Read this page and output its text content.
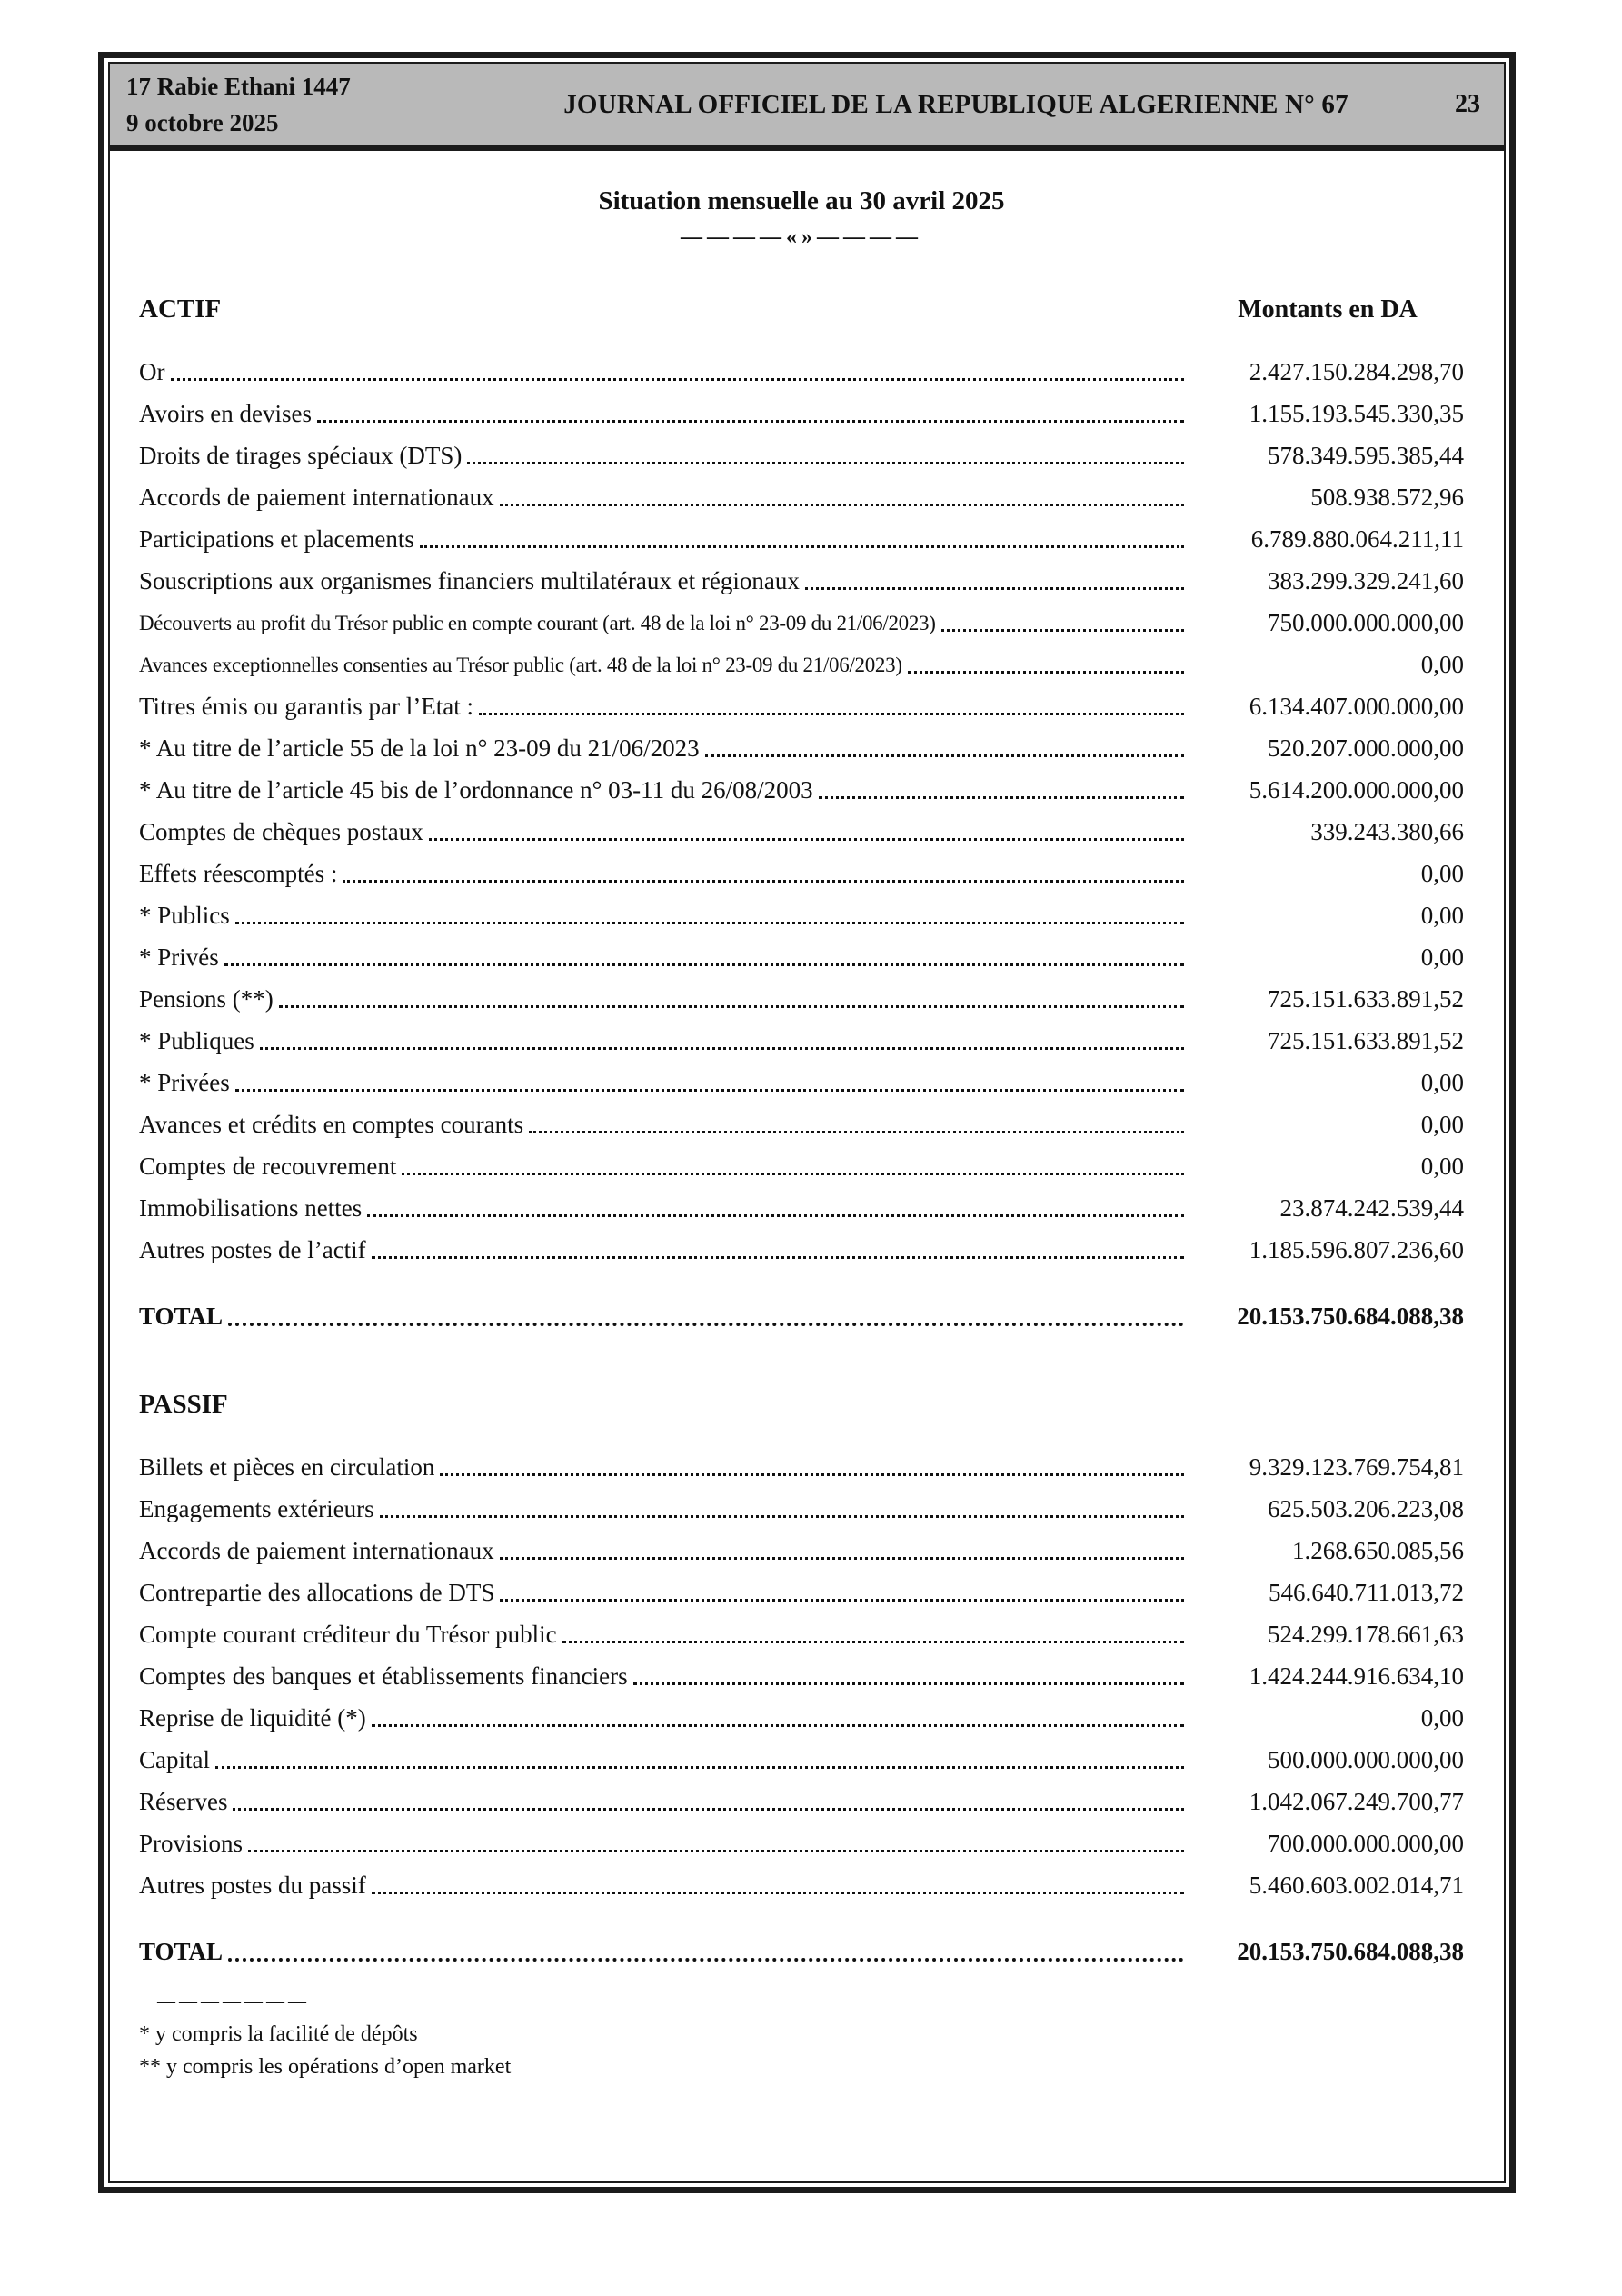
17 Rabie Ethani 1447
9 octobre 2025
JOURNAL OFFICIEL DE LA REPUBLIQUE ALGERIENNE N° 67	23
Situation mensuelle au 30 avril 2025
————«»————
ACTIF	Montants en DA
Or	2.427.150.284.298,70
Avoirs en devises	1.155.193.545.330,35
Droits de tirages spéciaux (DTS)	578.349.595.385,44
Accords de paiement internationaux	508.938.572,96
Participations et placements	6.789.880.064.211,11
Souscriptions aux organismes financiers multilatéraux et régionaux	383.299.329.241,60
Découverts au profit du Trésor public en compte courant (art. 48 de la loi n° 23-09 du 21/06/2023)	750.000.000.000,00
Avances exceptionnelles consenties au Trésor public (art. 48 de la loi n° 23-09 du 21/06/2023)	0,00
Titres émis ou garantis par l’Etat :	6.134.407.000.000,00
* Au titre de l’article 55 de la loi n° 23-09 du 21/06/2023	520.207.000.000,00
* Au titre de l’article 45 bis de l’ordonnance n° 03-11 du 26/08/2003	5.614.200.000.000,00
Comptes de chèques postaux	339.243.380,66
Effets réescomptés :	0,00
* Publics	0,00
* Privés	0,00
Pensions (**)	725.151.633.891,52
* Publiques	725.151.633.891,52
* Privées	0,00
Avances et crédits en comptes courants	0,00
Comptes de recouvrement	0,00
Immobilisations nettes	23.874.242.539,44
Autres postes de l’actif	1.185.596.807.236,60
TOTAL	20.153.750.684.088,38
PASSIF
Billets et pièces en circulation	9.329.123.769.754,81
Engagements extérieurs	625.503.206.223,08
Accords de paiement internationaux	1.268.650.085,56
Contrepartie des allocations de DTS	546.640.711.013,72
Compte courant créditeur du Trésor public	524.299.178.661,63
Comptes des banques et établissements financiers	1.424.244.916.634,10
Reprise de liquidité (*)	0,00
Capital	500.000.000.000,00
Réserves	1.042.067.249.700,77
Provisions	700.000.000.000,00
Autres postes du passif	5.460.603.002.014,71
TOTAL	20.153.750.684.088,38
———————
* y compris la facilité de dépôts
** y compris les opérations d’open market
